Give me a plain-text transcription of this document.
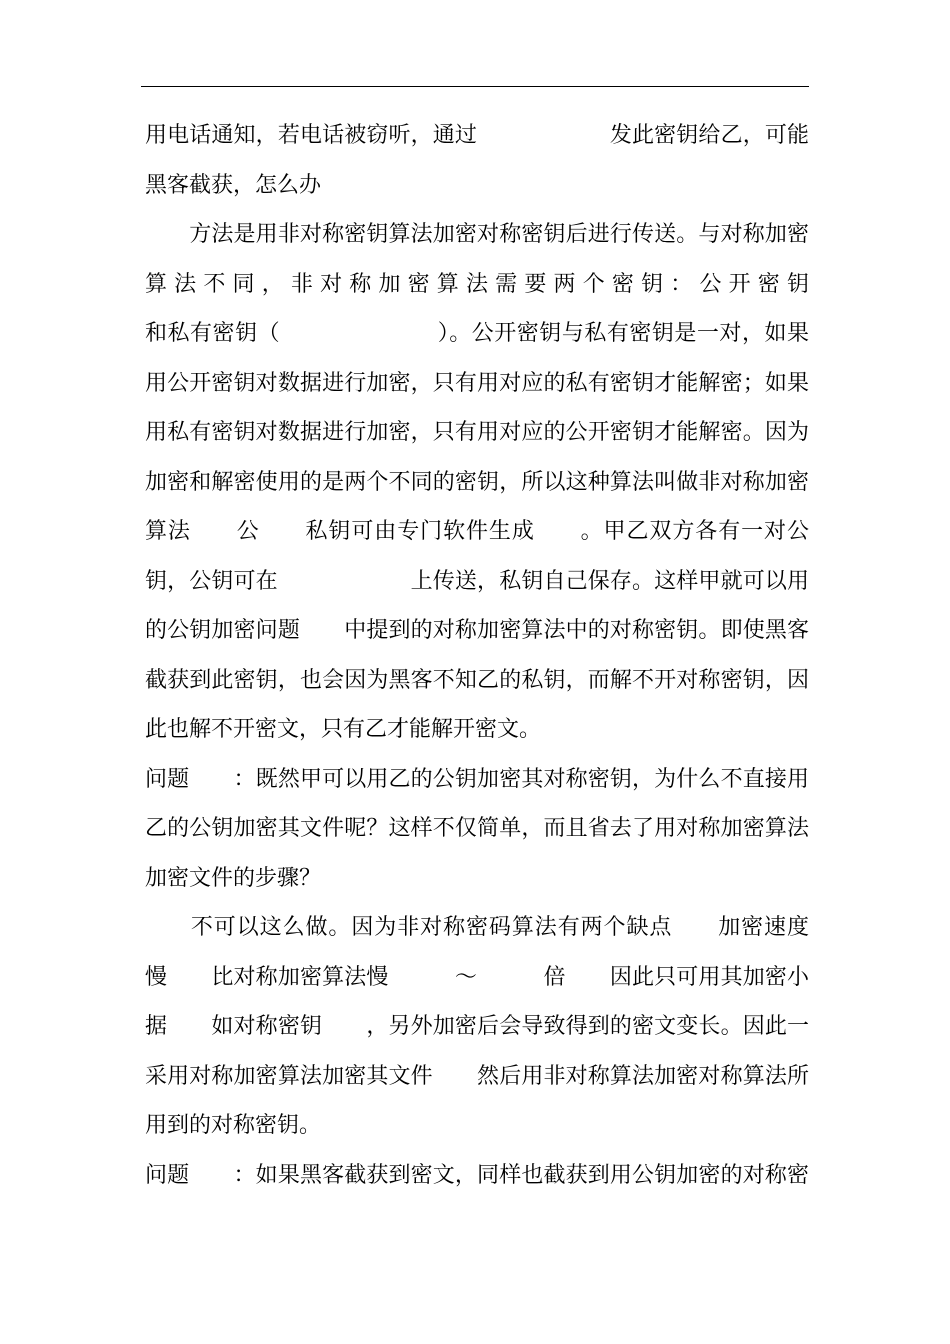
用电话通知，若电话被窃听，通过　　　　　　发此密钥给乙，可能
黑客截获，怎么办
　　方法是用非对称密钥算法加密对称密钥后进行传送。与对称加密
算法不同，非对称加密算法需要两个密钥：公开密钥　　　　　　　
和私有密钥（　　　　　　　）。公开密钥与私有密钥是一对，如果
用公开密钥对数据进行加密，只有用对应的私有密钥才能解密；如果
用私有密钥对数据进行加密，只有用对应的公开密钥才能解密。因为
加密和解密使用的是两个不同的密钥，所以这种算法叫做非对称加密
算法　　公　　私钥可由专门软件生成　　。甲乙双方各有一对公　　
钥，公钥可在　　　　　　上传送，私钥自己保存。这样甲就可以用
的公钥加密问题　　中提到的对称加密算法中的对称密钥。即使黑客
截获到此密钥，也会因为黑客不知乙的私钥，而解不开对称密钥，因
此也解不开密文，只有乙才能解开密文。
问题　　：既然甲可以用乙的公钥加密其对称密钥，为什么不直接用
乙的公钥加密其文件呢？这样不仅简单，而且省去了用对称加密算法
加密文件的步骤？
　　不可以这么做。因为非对称密码算法有两个缺点　　加密速度
慢　　比对称加密算法慢　　　～　　　倍　　因此只可用其加密小
据　　如对称密钥　　，另外加密后会导致得到的密文变长。因此一
采用对称加密算法加密其文件　　然后用非对称算法加密对称算法所
用到的对称密钥。
问题　　：如果黑客截获到密文，同样也截获到用公钥加密的对称密
